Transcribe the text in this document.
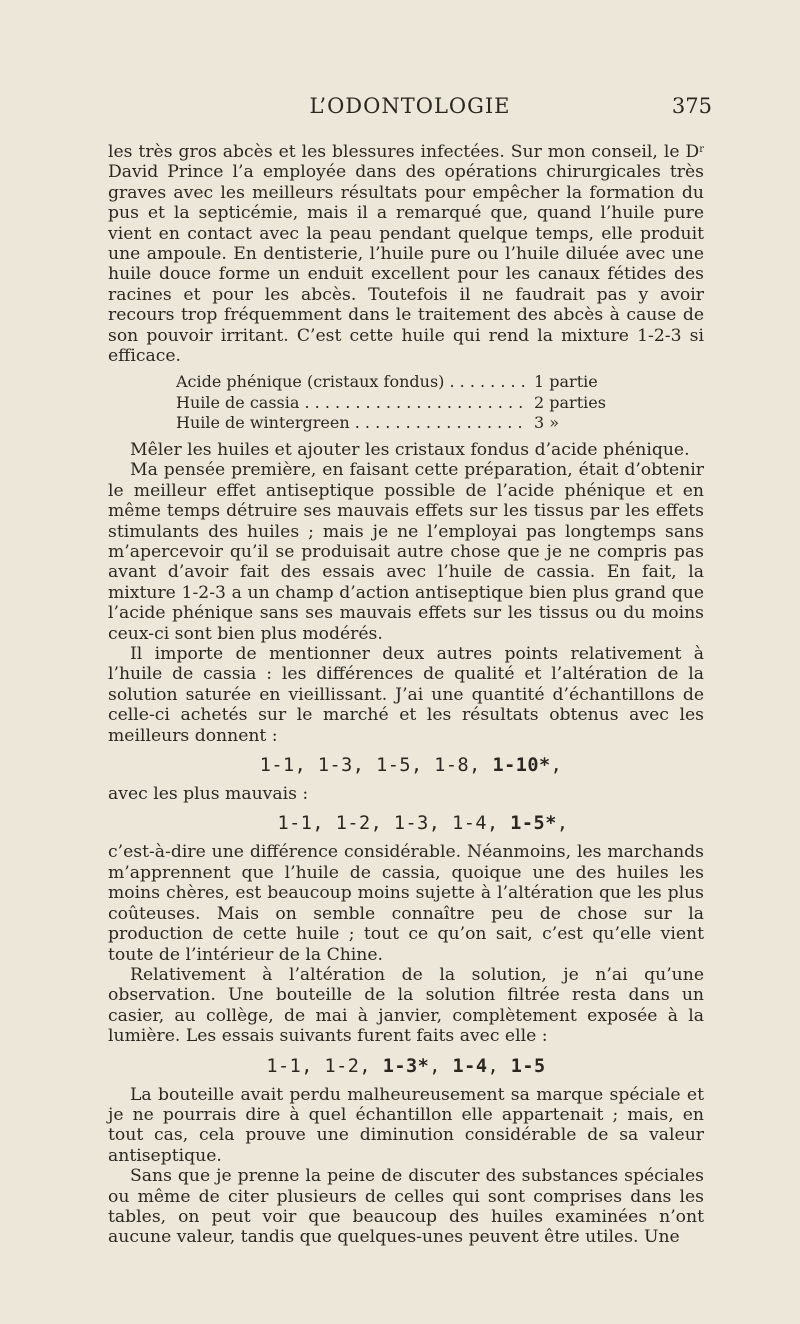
L’ODONTOLOGIE	375

les très gros abcès et les blessures infectées. Sur mon conseil, le $D^r$ David Prince l’a employée dans des opérations chirurgicales très graves avec les meilleurs résultats pour empêcher la formation du pus et la septicémie, mais il a remarqué que, quand l’huile pure vient en contact avec la peau pendant quelque temps, elle produit une ampoule. En dentisterie, l’huile pure ou l’huile diluée avec une huile douce forme un enduit excellent pour les canaux fétides des racines et pour les abcès. Toutefois il ne faudrait pas y avoir recours trop fréquemment dans le traitement des abcès à cause de son pouvoir irritant. C’est cette huile qui rend la mixture 1-2-3 si efficace.

Acide phénique (cristaux fondus) . . .	1 partie
Huile de cassia . . .	2 parties
Huile de wintergreen . . .	3 »

Mêler les huiles et ajouter les cristaux fondus d’acide phénique.

Ma pensée première, en faisant cette préparation, était d’obtenir le meilleur effet antiseptique possible de l’acide phénique et en même temps détruire ses mauvais effets sur les tissus par les effets stimulants des huiles ; mais je ne l’employai pas longtemps sans m’apercevoir qu’il se produisait autre chose que je ne compris pas avant d’avoir fait des essais avec l’huile de cassia. En fait, la mixture 1-2-3 a un champ d’action antiseptique bien plus grand que l’acide phénique sans ses mauvais effets sur les tissus ou du moins ceux-ci sont bien plus modérés.

Il importe de mentionner deux autres points relativement à l’huile de cassia : les différences de qualité et l’altération de la solution saturée en vieillissant. J’ai une quantité d’échantillons de celle-ci achetés sur le marché et les résultats obtenus avec les meilleurs donnent :

1-1, 1-3, 1-5, 1-8, 1-10*,

avec les plus mauvais :

1-1, 1-2, 1-3, 1-4, 1-5*,

c’est-à-dire une différence considérable. Néanmoins, les marchands m’apprennent que l’huile de cassia, quoique une des huiles les moins chères, est beaucoup moins sujette à l’altération que les plus coûteuses. Mais on semble connaître peu de chose sur la production de cette huile ; tout ce qu’on sait, c’est qu’elle vient toute de l’intérieur de la Chine.

Relativement à l’altération de la solution, je n’ai qu’une observation. Une bouteille de la solution filtrée resta dans un casier, au collège, de mai à janvier, complètement exposée à la lumière. Les essais suivants furent faits avec elle :

1-1, 1-2, 1-3*, 1-4, 1-5

La bouteille avait perdu malheureusement sa marque spéciale et je ne pourrais dire à quel échantillon elle appartenait ; mais, en tout cas, cela prouve une diminution considérable de sa valeur antiseptique.

Sans que je prenne la peine de discuter des substances spéciales ou même de citer plusieurs de celles qui sont comprises dans les tables, on peut voir que beaucoup des huiles examinées n’ont aucune valeur, tandis que quelques-unes peuvent être utiles. Une
